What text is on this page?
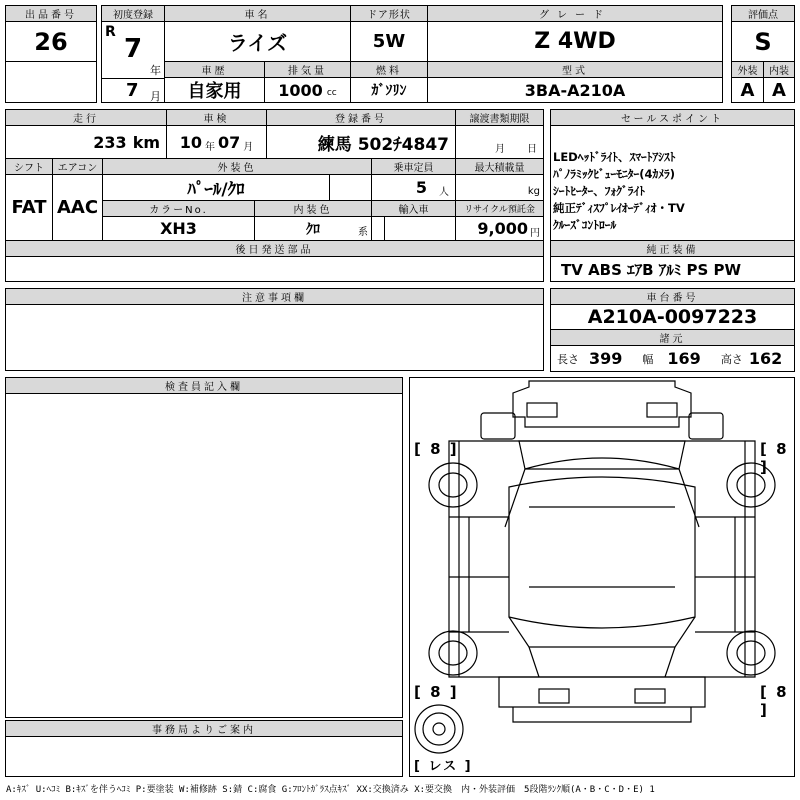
出品番号
26
初度登録
R
7
年
7 月
車名
ライズ
ドア形状
5W
グレード
Z 4WD
評価点
S
車歴
自家用
排気量
1000 cc
燃料
ｶﾞｿﾘﾝ
型式
3BA-A210A
外装
A
内装
A
走行
233 km
車検
10 年 07 月
登録番号
練馬 502ﾁ4847
譲渡書類期限
月 日
シフト
FAT
エアコン
AAC
外装色
ﾊﾟｰﾙ/ｸﾛ
乗車定員
5 人
最大積載量
kg
カラーNo.
XH3
内装色
ｸﾛ	系
輸入車	リサイクル預託金
9,000 円
後日発送部品
セールスポイント
LEDﾍｯﾄﾞﾗｲﾄ、ｽﾏｰﾄｱｼｽﾄ
ﾊﾟﾉﾗﾐｯｸﾋﾞｭｰﾓﾆﾀｰ(4ｶﾒﾗ)
ｼｰﾄﾋｰﾀｰ、ﾌｫｸﾞﾗｲﾄ
純正ﾃﾞｨｽﾌﾟﾚｲｵｰﾃﾞｨｵ・TV
ｸﾙｰｽﾞｺﾝﾄﾛｰﾙ
純正装備
TV ABS ｴｱB ｱﾙﾐ PS PW
注意事項欄	車台番号
A210A-0097223
諸元
長さ 399 幅 169 高さ 162
検査員記入欄
事務局よりご案内
[ 8 ]	[ 8 ]
[ 8 ]	[ 8 ]
[ レス ]
A:ｷｽﾞ U:ﾍｺﾐ B:ｷｽﾞを伴うﾍｺﾐ P:要塗装 W:補修跡 S:錆 C:腐食 G:ﾌﾛﾝﾄｶﾞﾗｽ点ｷｽﾞ XX:交換済み X:要交換　内・外装評価　5段階ﾗﾝｸ順(A・B・C・D・E) 1
